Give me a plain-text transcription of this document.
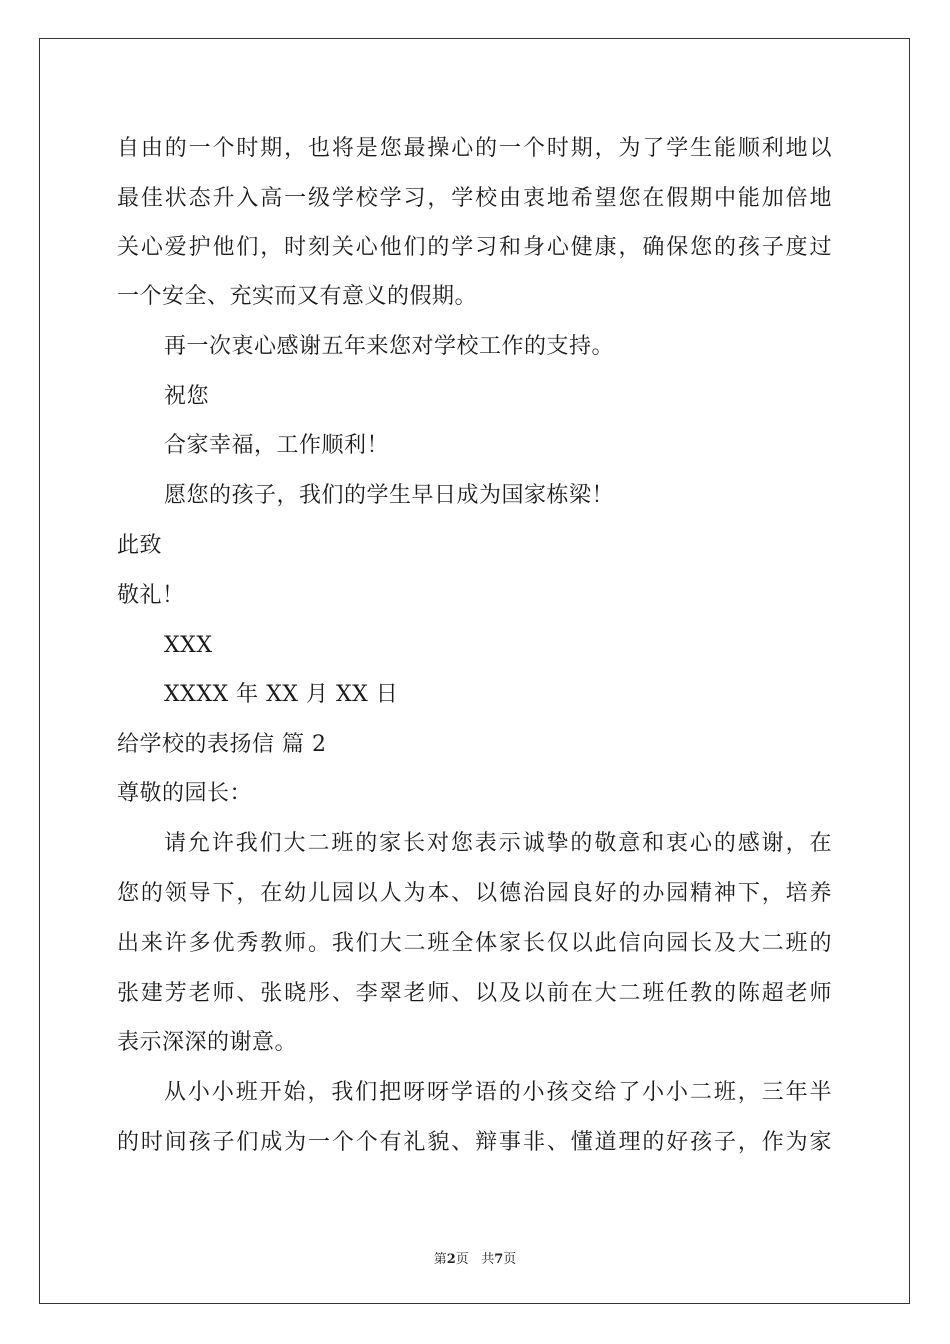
自由的一个时期，也将是您最操心的一个时期，为了学生能顺利地以
最佳状态升入高一级学校学习，学校由衷地希望您在假期中能加倍地
关心爱护他们，时刻关心他们的学习和身心健康，确保您的孩子度过
一个安全、充实而又有意义的假期。
再一次衷心感谢五年来您对学校工作的支持。
祝您
合家幸福，工作顺利！
愿您的孩子，我们的学生早日成为国家栋梁！
此致
敬礼！
XXX
XXXX 年 XX 月 XX 日
给学校的表扬信 篇 2
尊敬的园长：
请允许我们大二班的家长对您表示诚挚的敬意和衷心的感谢，在
您的领导下，在幼儿园以人为本、以德治园良好的办园精神下，培养
出来许多优秀教师。我们大二班全体家长仅以此信向园长及大二班的
张建芳老师、张晓彤、李翠老师、以及以前在大二班任教的陈超老师
表示深深的谢意。
从小小班开始，我们把呀呀学语的小孩交给了小小二班，三年半
的时间孩子们成为一个个有礼貌、辩事非、懂道理的好孩子，作为家
第2页 共7页
